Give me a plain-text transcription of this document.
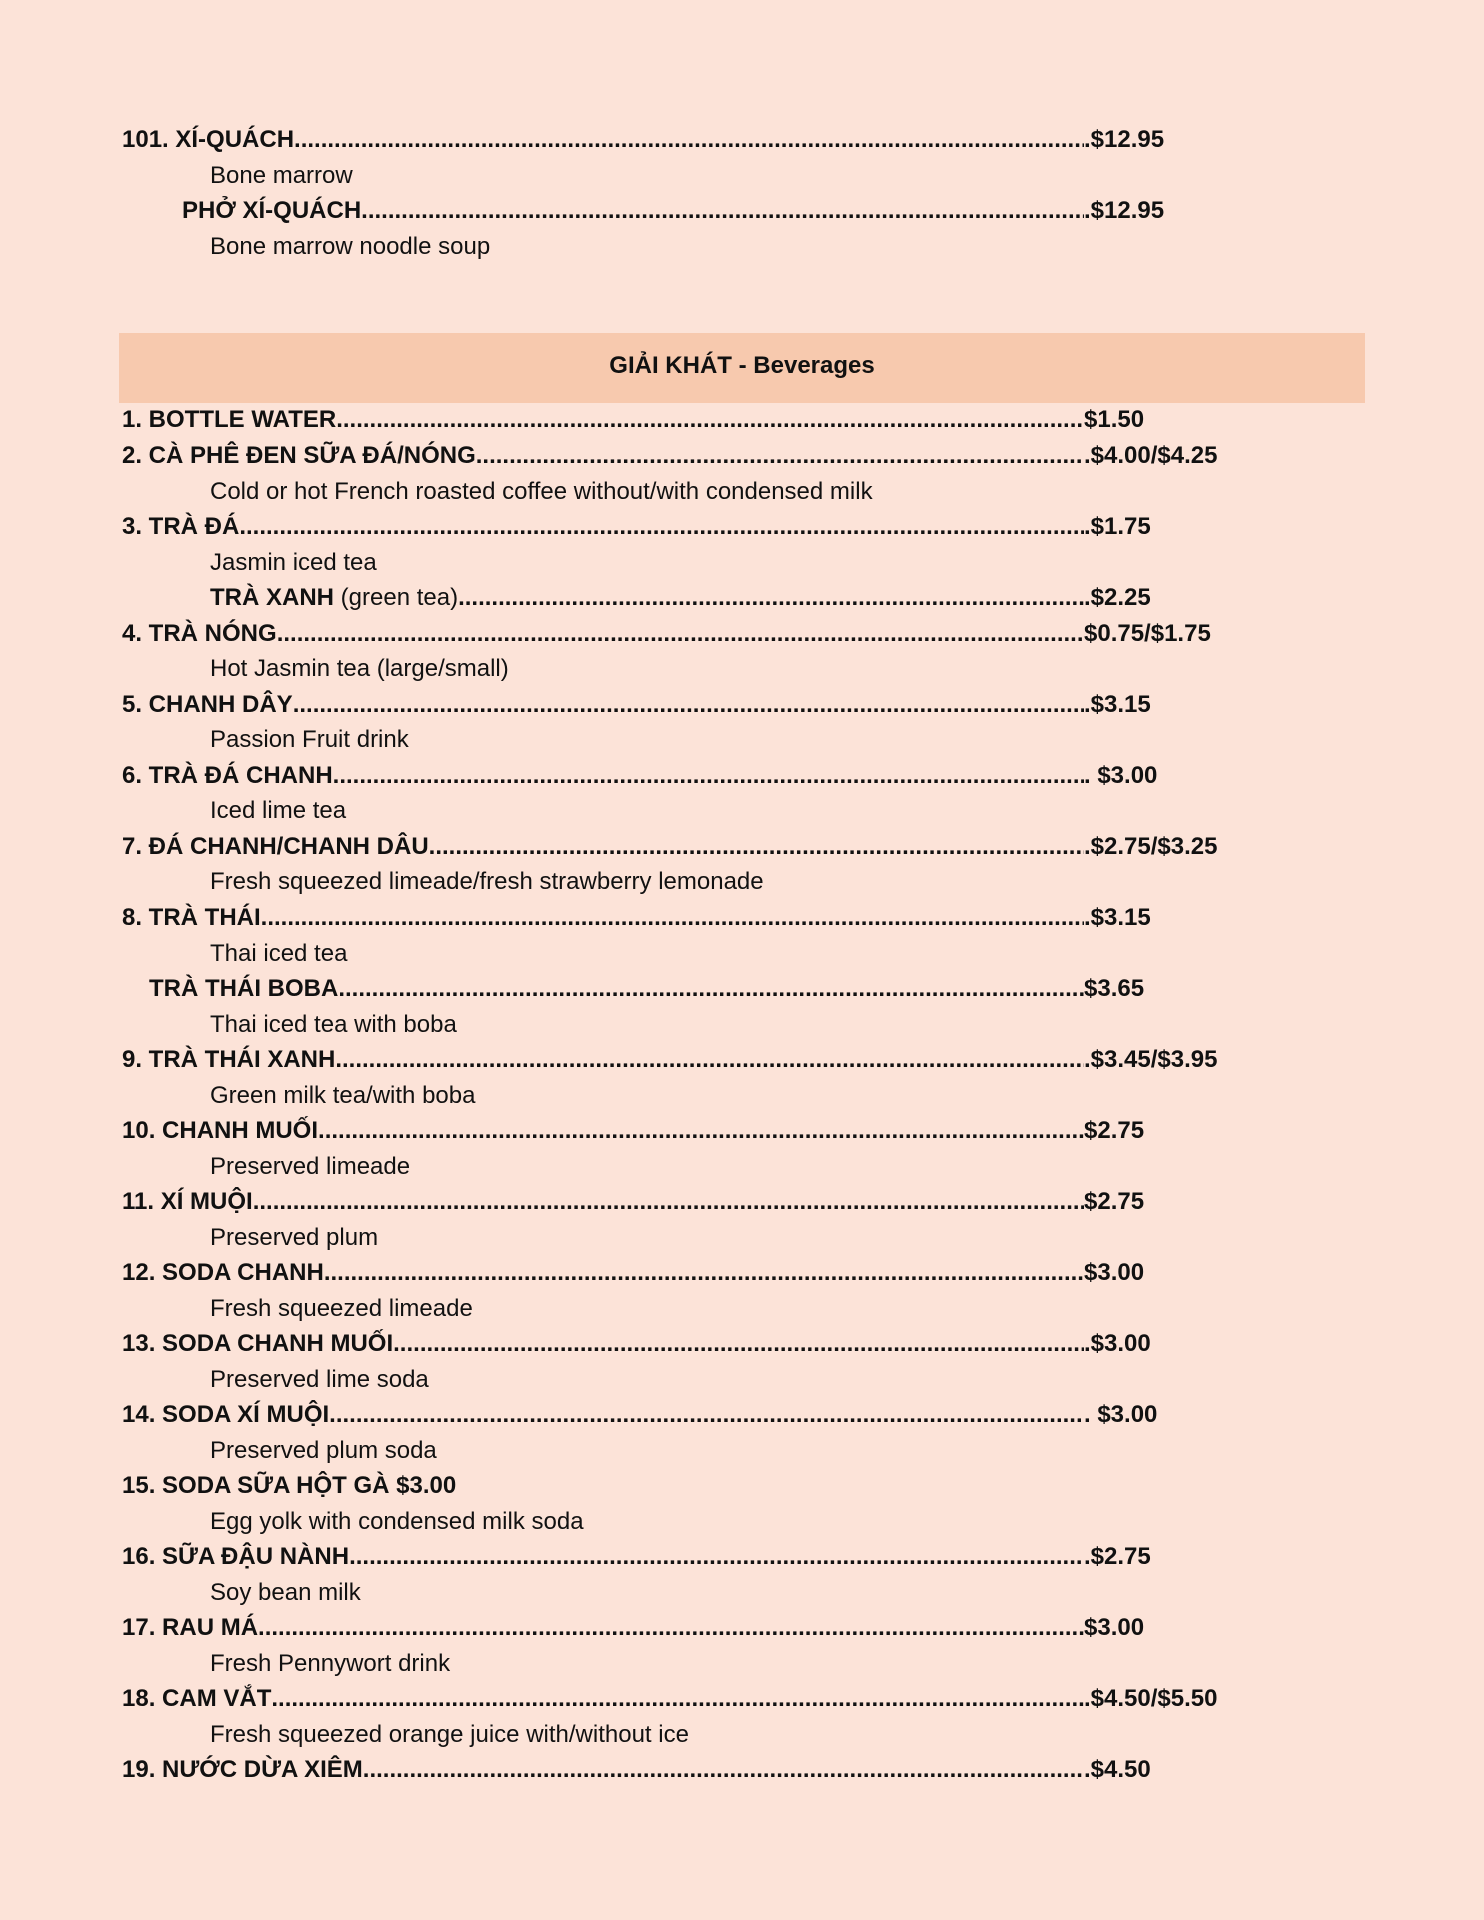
101. XÍ-QUÁCH .....	.$12.95
Bone marrow
PHỞ XÍ-QUÁCH .....	.$12.95
Bone marrow noodle soup
GIẢI KHÁT - Beverages
1. BOTTLE WATER .....	$1.50
2. CÀ PHÊ ĐEN SỮA ĐÁ/NÓNG .....	.$4.00/$4.25
Cold or hot French roasted coffee without/with condensed milk
3. TRÀ ĐÁ .....	.$1.75
Jasmin iced tea
TRÀ XANH (green tea) .....	.$2.25
4. TRÀ NÓNG .....	$0.75/$1.75
Hot Jasmin tea (large/small)
5. CHANH DÂY .....	.$3.15
Passion Fruit drink
6. TRÀ ĐÁ CHANH .....	. $3.00
Iced lime tea
7. ĐÁ CHANH/CHANH DÂU .....	.$2.75/$3.25
Fresh squeezed limeade/fresh strawberry lemonade
8. TRÀ THÁI .....	.$3.15
Thai iced tea
TRÀ THÁI BOBA .....	$3.65
Thai iced tea with boba
9. TRÀ THÁI XANH .....	.$3.45/$3.95
Green milk tea/with boba
10. CHANH MUỐI .....	$2.75
Preserved limeade
11. XÍ MUỘI .....	$2.75
Preserved plum
12. SODA CHANH .....	$3.00
Fresh squeezed limeade
13. SODA CHANH MUỐI .....	.$3.00
Preserved lime soda
14. SODA XÍ MUỘI .....	. $3.00
Preserved plum soda
15. SODA SỮA HỘT GÀ $3.00
Egg yolk with condensed milk soda
16. SỮA ĐẬU NÀNH .....	.$2.75
Soy bean milk
17. RAU MÁ .....	$3.00
Fresh Pennywort drink
18. CAM VẮT .....	.$4.50/$5.50
Fresh squeezed orange juice with/without ice
19. NƯỚC DỪA XIÊM .....	.$4.50
